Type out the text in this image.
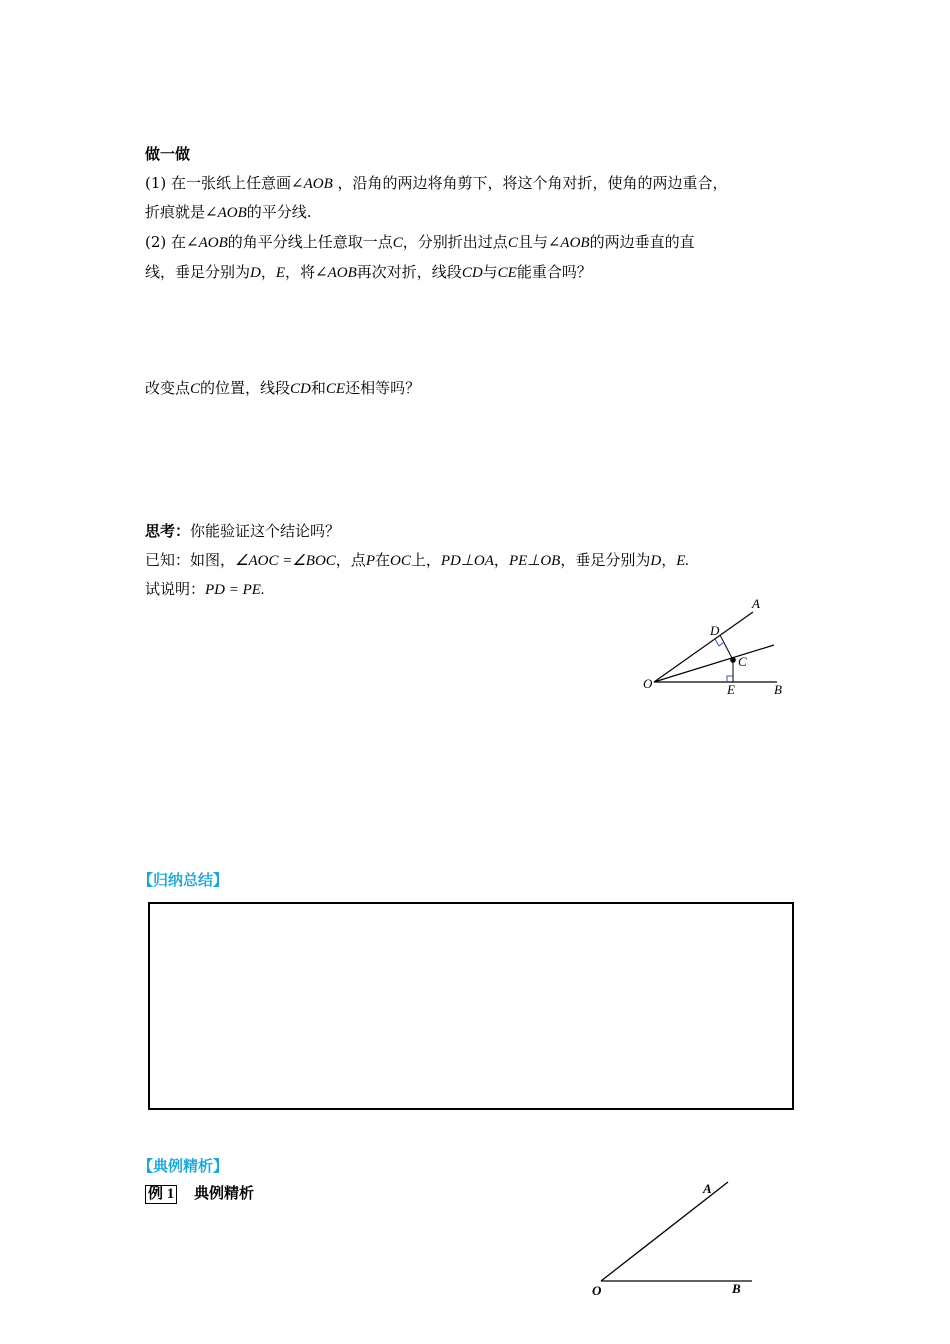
做一做
(1) 在一张纸上任意画∠AOB ，沿角的两边将角剪下，将这个角对折，使角的两边重合，
折痕就是∠AOB的平分线.
(2) 在∠AOB的角平分线上任意取一点C，分别折出过点C且与∠AOB的两边垂直的直
线，垂足分别为D，E，将∠AOB再次对折，线段CD与CE能重合吗？
改变点C的位置，线段CD和CE还相等吗？
思考：你能验证这个结论吗？
已知：如图，∠AOC =∠BOC，点P在OC上，PD⊥OA，PE⊥OB，垂足分别为D，E.
试说明：PD = PE.
A
B
C
D
E
O
【归纳总结】
【典例精析】
例 1 典例精析	A
B
O
